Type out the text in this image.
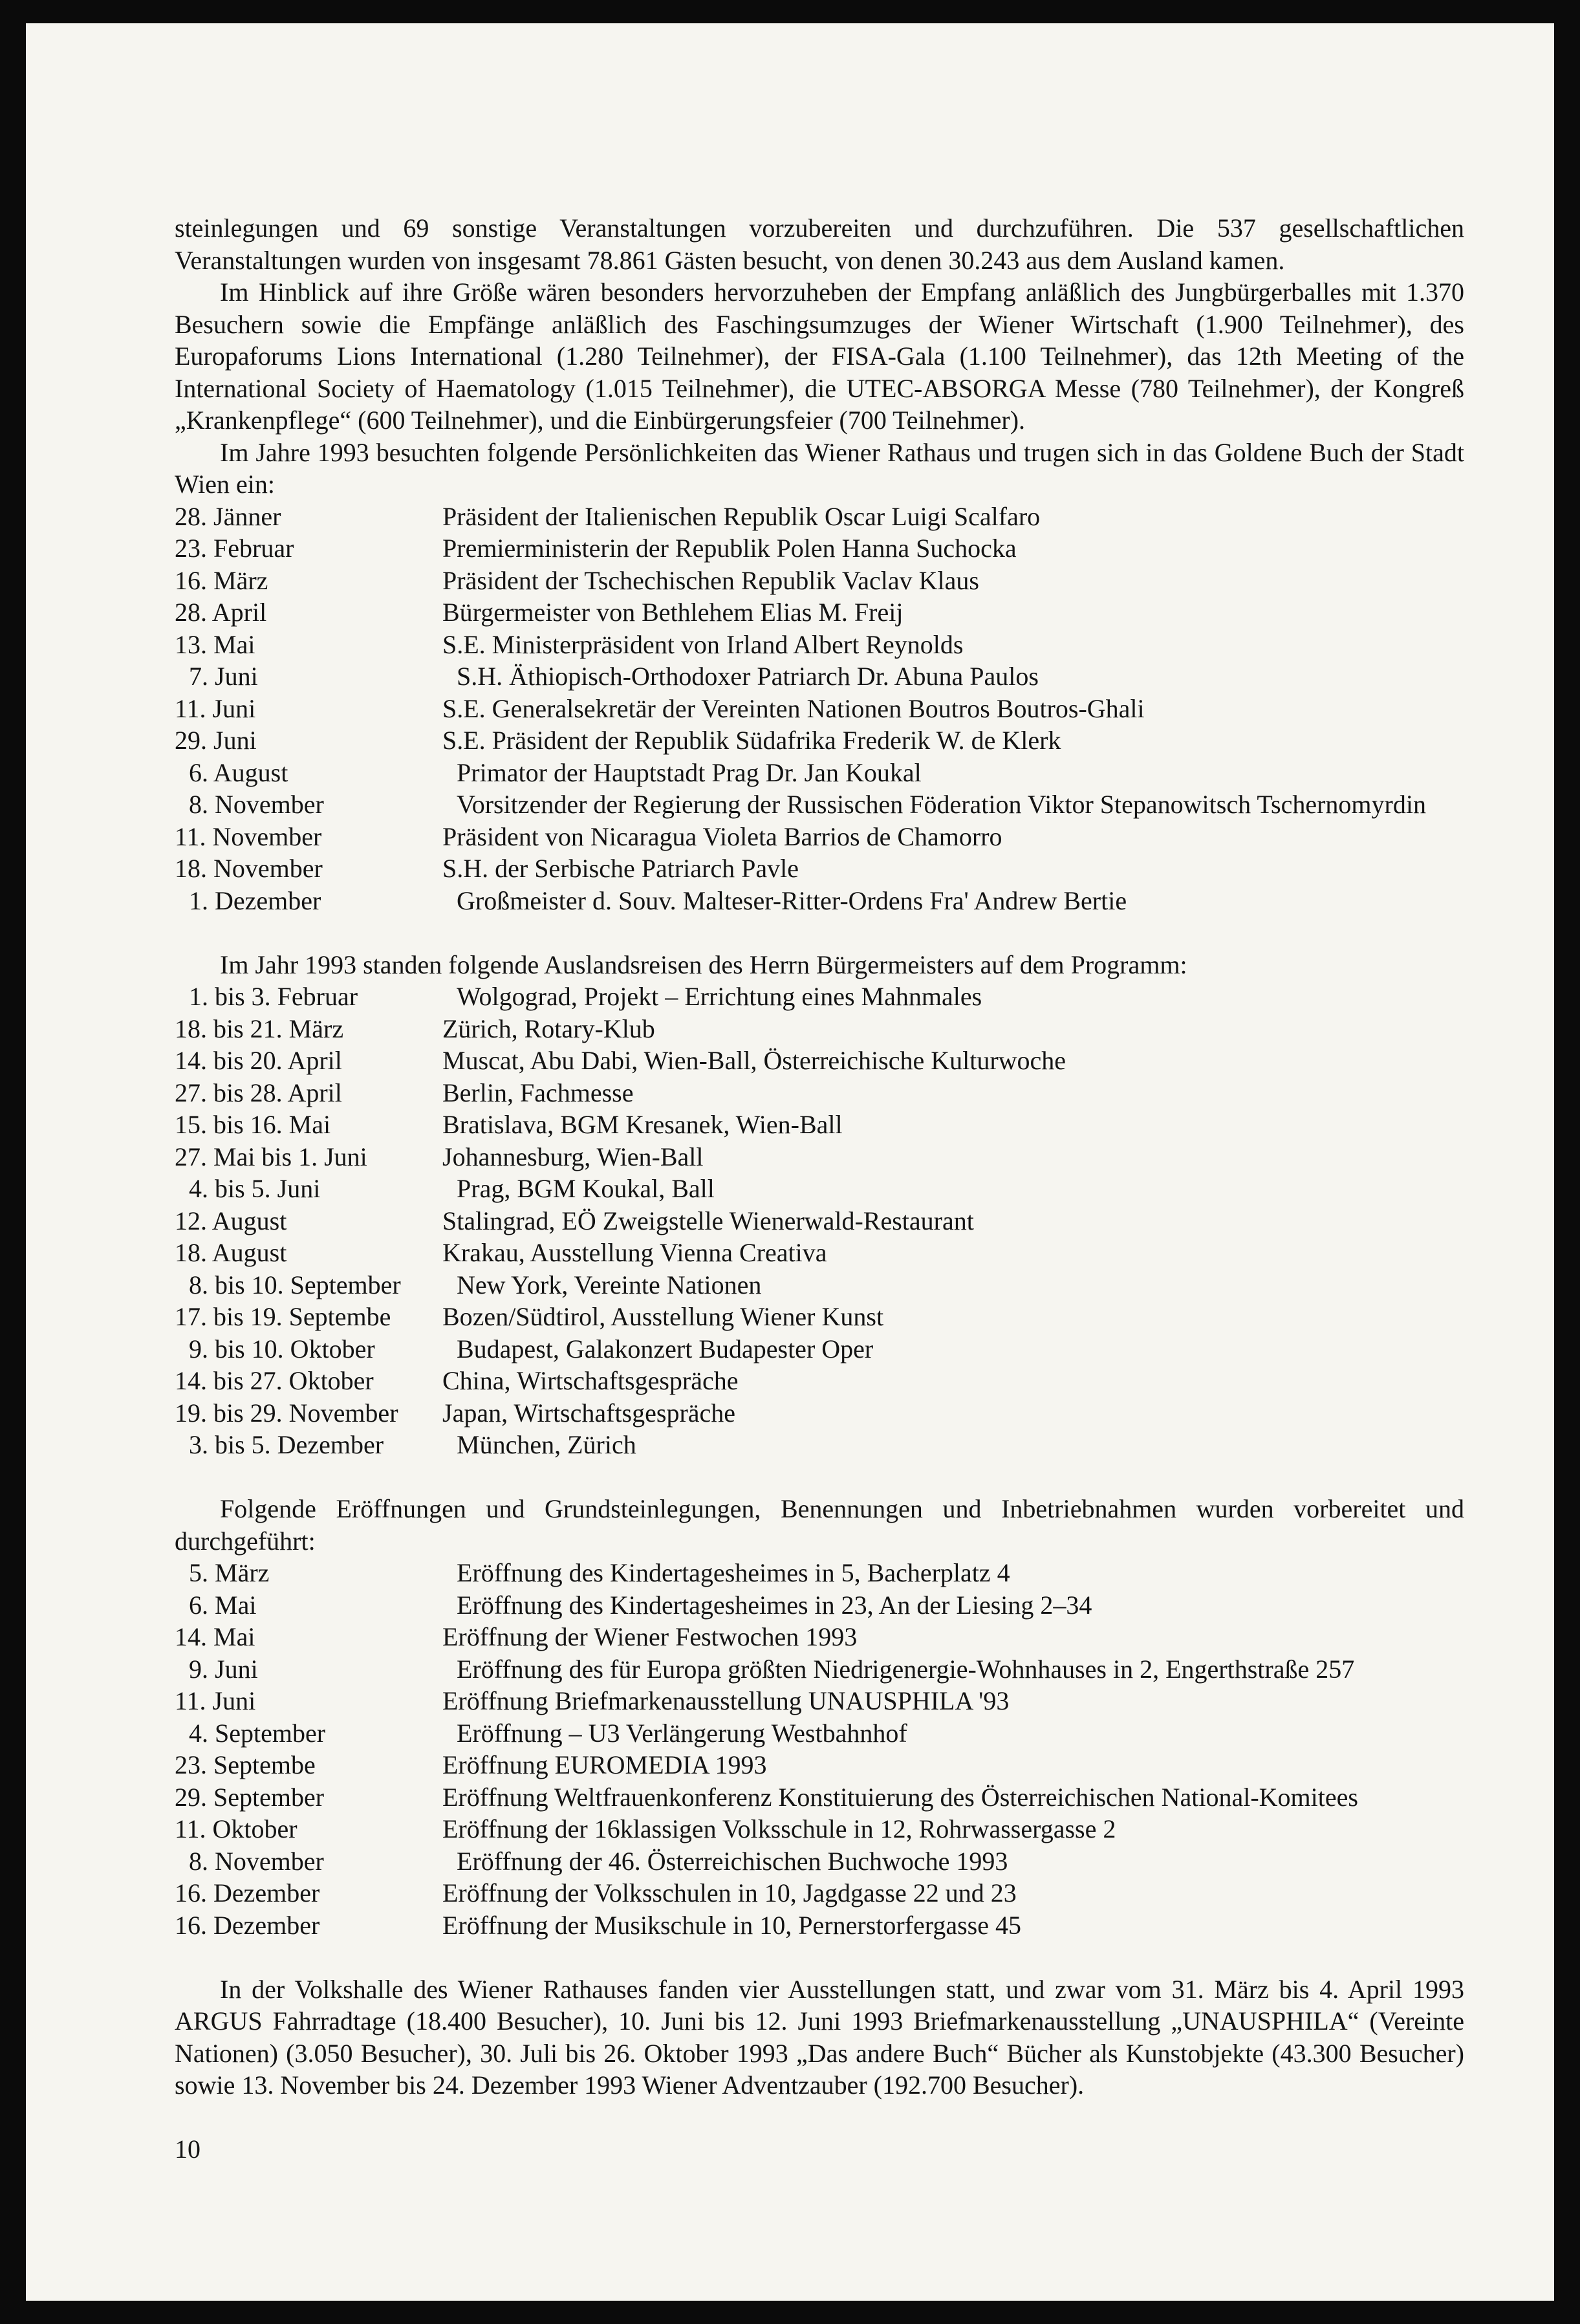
steinlegungen und 69 sonstige Veranstaltungen vorzubereiten und durchzuführen. Die 537 gesellschaftlichen Veranstaltungen wurden von insgesamt 78.861 Gästen besucht, von denen 30.243 aus dem Ausland kamen.

Im Hinblick auf ihre Größe wären besonders hervorzuheben der Empfang anläßlich des Jungbürgerballes mit 1.370 Besuchern sowie die Empfänge anläßlich des Faschingsumzuges der Wiener Wirtschaft (1.900 Teilnehmer), des Europaforums Lions International (1.280 Teilnehmer), der FISA-Gala (1.100 Teilnehmer), das 12th Meeting of the International Society of Haematology (1.015 Teilnehmer), die UTEC-ABSORGA Messe (780 Teilnehmer), der Kongreß „Krankenpflege“ (600 Teilnehmer), und die Einbürgerungsfeier (700 Teilnehmer).

Im Jahre 1993 besuchten folgende Persönlichkeiten das Wiener Rathaus und trugen sich in das Goldene Buch der Stadt Wien ein:

28. Jänner	Präsident der Italienischen Republik Oscar Luigi Scalfaro
23. Februar	Premierministerin der Republik Polen Hanna Suchocka
16. März	Präsident der Tschechischen Republik Vaclav Klaus
28. April	Bürgermeister von Bethlehem Elias M. Freij
13. Mai	S.E. Ministerpräsident von Irland Albert Reynolds
7. Juni	S.H. Äthiopisch-Orthodoxer Patriarch Dr. Abuna Paulos
11. Juni	S.E. Generalsekretär der Vereinten Nationen Boutros Boutros-Ghali
29. Juni	S.E. Präsident der Republik Südafrika Frederik W. de Klerk
6. August	Primator der Hauptstadt Prag Dr. Jan Koukal
8. November	Vorsitzender der Regierung der Russischen Föderation Viktor Stepanowitsch Tschernomyrdin
11. November	Präsident von Nicaragua Violeta Barrios de Chamorro
18. November	S.H. der Serbische Patriarch Pavle
1. Dezember	Großmeister d. Souv. Malteser-Ritter-Ordens Fra' Andrew Bertie

Im Jahr 1993 standen folgende Auslandsreisen des Herrn Bürgermeisters auf dem Programm:

1. bis 3. Februar	Wolgograd, Projekt – Errichtung eines Mahnmales
18. bis 21. März	Zürich, Rotary-Klub
14. bis 20. April	Muscat, Abu Dabi, Wien-Ball, Österreichische Kulturwoche
27. bis 28. April	Berlin, Fachmesse
15. bis 16. Mai	Bratislava, BGM Kresanek, Wien-Ball
27. Mai bis 1. Juni	Johannesburg, Wien-Ball
4. bis 5. Juni	Prag, BGM Koukal, Ball
12. August	Stalingrad, EÖ Zweigstelle Wienerwald-Restaurant
18. August	Krakau, Ausstellung Vienna Creativa
8. bis 10. September	New York, Vereinte Nationen
17. bis 19. Septembe	Bozen/Südtirol, Ausstellung Wiener Kunst
9. bis 10. Oktober	Budapest, Galakonzert Budapester Oper
14. bis 27. Oktober	China, Wirtschaftsgespräche
19. bis 29. November	Japan, Wirtschaftsgespräche
3. bis 5. Dezember	München, Zürich

Folgende Eröffnungen und Grundsteinlegungen, Benennungen und Inbetriebnahmen wurden vorbereitet und durchgeführt:

5. März	Eröffnung des Kindertagesheimes in 5, Bacherplatz 4
6. Mai	Eröffnung des Kindertagesheimes in 23, An der Liesing 2–34
14. Mai	Eröffnung der Wiener Festwochen 1993
9. Juni	Eröffnung des für Europa größten Niedrigenergie-Wohnhauses in 2, Engerthstraße 257
11. Juni	Eröffnung Briefmarkenausstellung UNAUSPHILA '93
4. September	Eröffnung – U3 Verlängerung Westbahnhof
23. Septembe	Eröffnung EUROMEDIA 1993
29. September	Eröffnung Weltfrauenkonferenz Konstituierung des Österreichischen National-Komitees
11. Oktober	Eröffnung der 16klassigen Volksschule in 12, Rohrwassergasse 2
8. November	Eröffnung der 46. Österreichischen Buchwoche 1993
16. Dezember	Eröffnung der Volksschulen in 10, Jagdgasse 22 und 23
16. Dezember	Eröffnung der Musikschule in 10, Pernerstorfergasse 45

In der Volkshalle des Wiener Rathauses fanden vier Ausstellungen statt, und zwar vom 31. März bis 4. April 1993 ARGUS Fahrradtage (18.400 Besucher), 10. Juni bis 12. Juni 1993 Briefmarkenausstellung „UNAUSPHILA“ (Vereinte Nationen) (3.050 Besucher), 30. Juli bis 26. Oktober 1993 „Das andere Buch“ Bücher als Kunstobjekte (43.300 Besucher) sowie 13. November bis 24. Dezember 1993 Wiener Adventzauber (192.700 Besucher).

10
